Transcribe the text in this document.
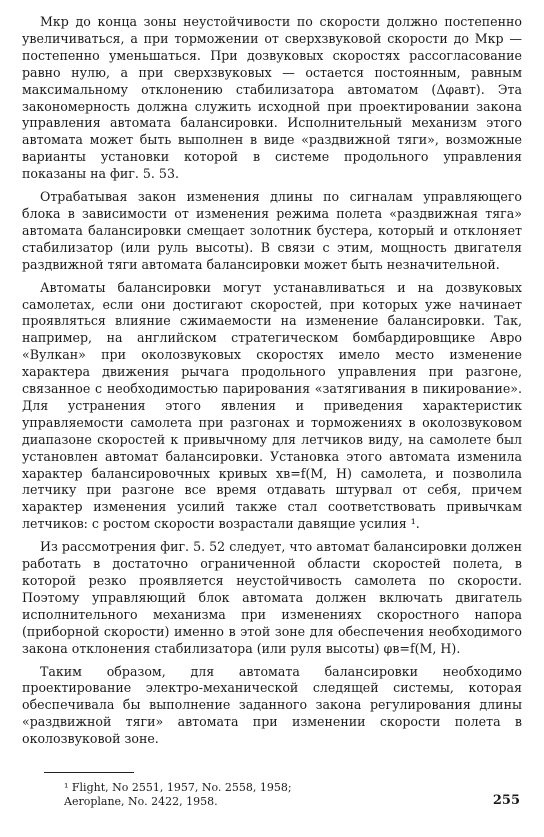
Mкр до конца зоны неустойчивости по скорости должно постепенно увеличиваться, а при торможении от сверхзвуковой скорости до Mкр — постепенно уменьшаться. При дозвуковых скоростях рассогласование равно нулю, а при сверхзвуковых — остается постоянным, равным максимальному отклонению стабилизатора автоматом (Δφавт). Эта закономерность должна служить исходной при проектировании закона управления автомата балансировки. Исполнительный механизм этого автомата может быть выполнен в виде «раздвижной тяги», возможные варианты установки которой в системе продольного управления показаны на фиг. 5. 53.

Отрабатывая закон изменения длины по сигналам управляющего блока в зависимости от изменения режима полета «раздвижная тяга» автомата балансировки смещает золотник бустера, который и отклоняет стабилизатор (или руль высоты). В связи с этим, мощность двигателя раздвижной тяги автомата балансировки может быть незначительной.

Автоматы балансировки могут устанавливаться и на дозвуковых самолетах, если они достигают скоростей, при которых уже начинает проявляться влияние сжимаемости на изменение балансировки. Так, например, на английском стратегическом бомбардировщике Авро «Вулкан» при околозвуковых скоростях имело место изменение характера движения рычага продольного управления при разгоне, связанное с необходимостью парирования «затягивания в пикирование». Для устранения этого явления и приведения характеристик управляемости самолета при разгонах и торможениях в околозвуковом диапазоне скоростей к привычному для летчиков виду, на самолете был установлен автомат балансировки. Установка этого автомата изменила характер балансировочных кривых xв=f(M, H) самолета, и позволила летчику при разгоне все время отдавать штурвал от себя, причем характер изменения усилий также стал соответствовать привычкам летчиков: с ростом скорости возрастали давящие усилия ¹.

Из рассмотрения фиг. 5. 52 следует, что автомат балансировки должен работать в достаточно ограниченной области скоростей полета, в которой резко проявляется неустойчивость самолета по скорости. Поэтому управляющий блок автомата должен включать двигатель исполнительного механизма при изменениях скоростного напора (приборной скорости) именно в этой зоне для обеспечения необходимого закона отклонения стабилизатора (или руля высоты) φв=f(M, H).

Таким образом, для автомата балансировки необходимо проектирование электро-механической следящей системы, которая обеспечивала бы выполнение заданного закона регулирования длины «раздвижной тяги» автомата при изменении скорости полета в околозвуковой зоне.

¹ Flight, No 2551, 1957, No. 2558, 1958;
Aeroplane, No. 2422, 1958.	255
